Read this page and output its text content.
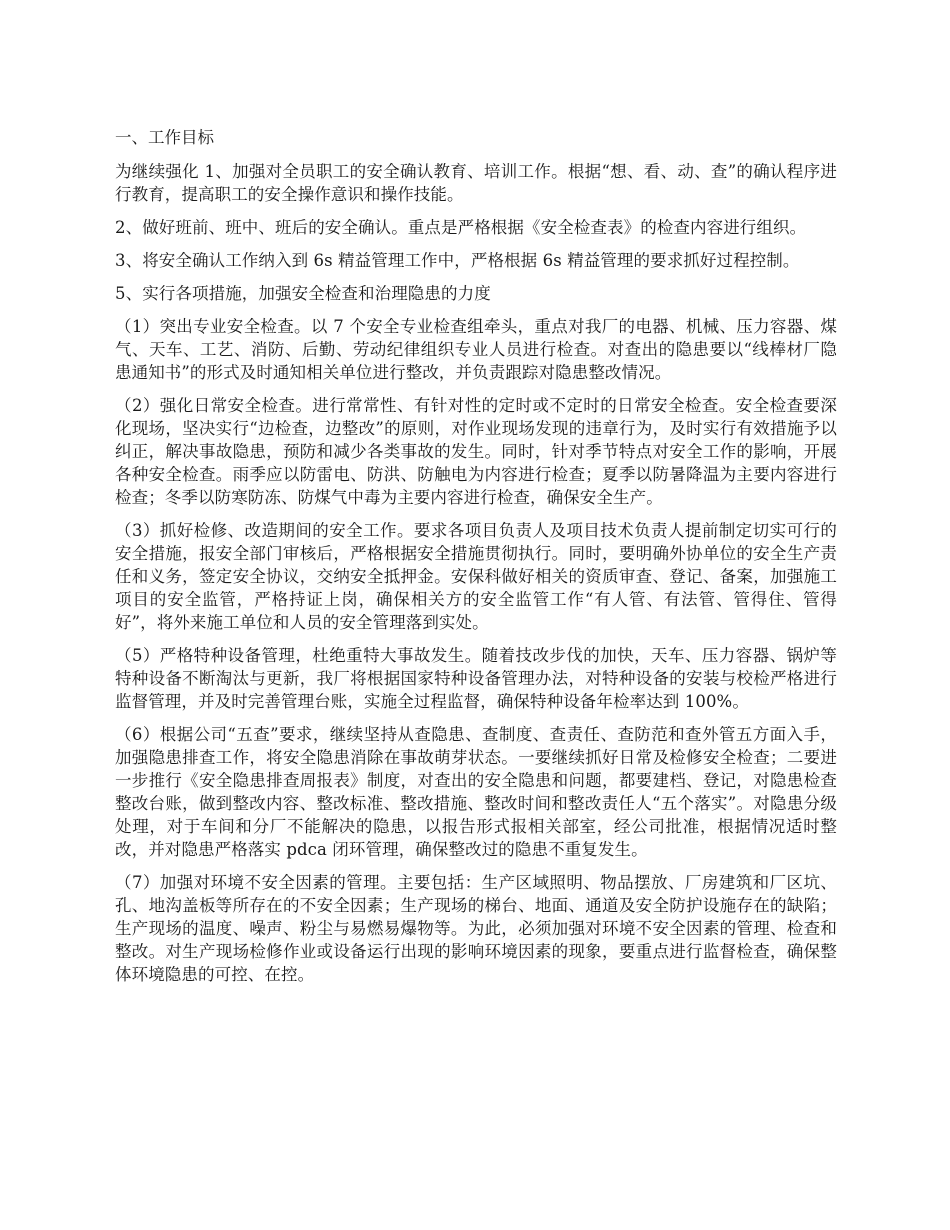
一、工作目标

为继续强化 1、加强对全员职工的安全确认教育、培训工作。根据“想、看、动、查”的确认程序进行教育，提高职工的安全操作意识和操作技能。

2、做好班前、班中、班后的安全确认。重点是严格根据《安全检查表》的检查内容进行组织。

3、将安全确认工作纳入到 6s 精益管理工作中，严格根据 6s 精益管理的要求抓好过程控制。

5、实行各项措施，加强安全检查和治理隐患的力度

（1）突出专业安全检查。以 7 个安全专业检查组牵头，重点对我厂的电器、机械、压力容器、煤气、天车、工艺、消防、后勤、劳动纪律组织专业人员进行检查。对查出的隐患要以“线棒材厂隐患通知书”的形式及时通知相关单位进行整改，并负责跟踪对隐患整改情况。

（2）强化日常安全检查。进行常常性、有针对性的定时或不定时的日常安全检查。安全检查要深化现场，坚决实行“边检查，边整改”的原则，对作业现场发现的违章行为，及时实行有效措施予以纠正，解决事故隐患，预防和减少各类事故的发生。同时，针对季节特点对安全工作的影响，开展各种安全检查。雨季应以防雷电、防洪、防触电为内容进行检查；夏季以防暑降温为主要内容进行检查；冬季以防寒防冻、防煤气中毒为主要内容进行检查，确保安全生产。

（3）抓好检修、改造期间的安全工作。要求各项目负责人及项目技术负责人提前制定切实可行的安全措施，报安全部门审核后，严格根据安全措施贯彻执行。同时，要明确外协单位的安全生产责任和义务，签定安全协议，交纳安全抵押金。安保科做好相关的资质审查、登记、备案，加强施工项目的安全监管，严格持证上岗，确保相关方的安全监管工作“有人管、有法管、管得住、管得好”，将外来施工单位和人员的安全管理落到实处。

（5）严格特种设备管理，杜绝重特大事故发生。随着技改步伐的加快，天车、压力容器、锅炉等特种设备不断淘汰与更新，我厂将根据国家特种设备管理办法，对特种设备的安装与校检严格进行监督管理，并及时完善管理台账，实施全过程监督，确保特种设备年检率达到 100%。

（6）根据公司“五查”要求，继续坚持从查隐患、查制度、查责任、查防范和查外管五方面入手，加强隐患排查工作，将安全隐患消除在事故萌芽状态。一要继续抓好日常及检修安全检查；二要进一步推行《安全隐患排查周报表》制度，对查出的安全隐患和问题，都要建档、登记，对隐患检查整改台账，做到整改内容、整改标准、整改措施、整改时间和整改责任人“五个落实”。对隐患分级处理，对于车间和分厂不能解决的隐患，以报告形式报相关部室，经公司批准，根据情况适时整改，并对隐患严格落实 pdca 闭环管理，确保整改过的隐患不重复发生。

（7）加强对环境不安全因素的管理。主要包括：生产区域照明、物品摆放、厂房建筑和厂区坑、孔、地沟盖板等所存在的不安全因素；生产现场的梯台、地面、通道及安全防护设施存在的缺陷；生产现场的温度、噪声、粉尘与易燃易爆物等。为此，必须加强对环境不安全因素的管理、检查和整改。对生产现场检修作业或设备运行出现的影响环境因素的现象，要重点进行监督检查，确保整体环境隐患的可控、在控。
